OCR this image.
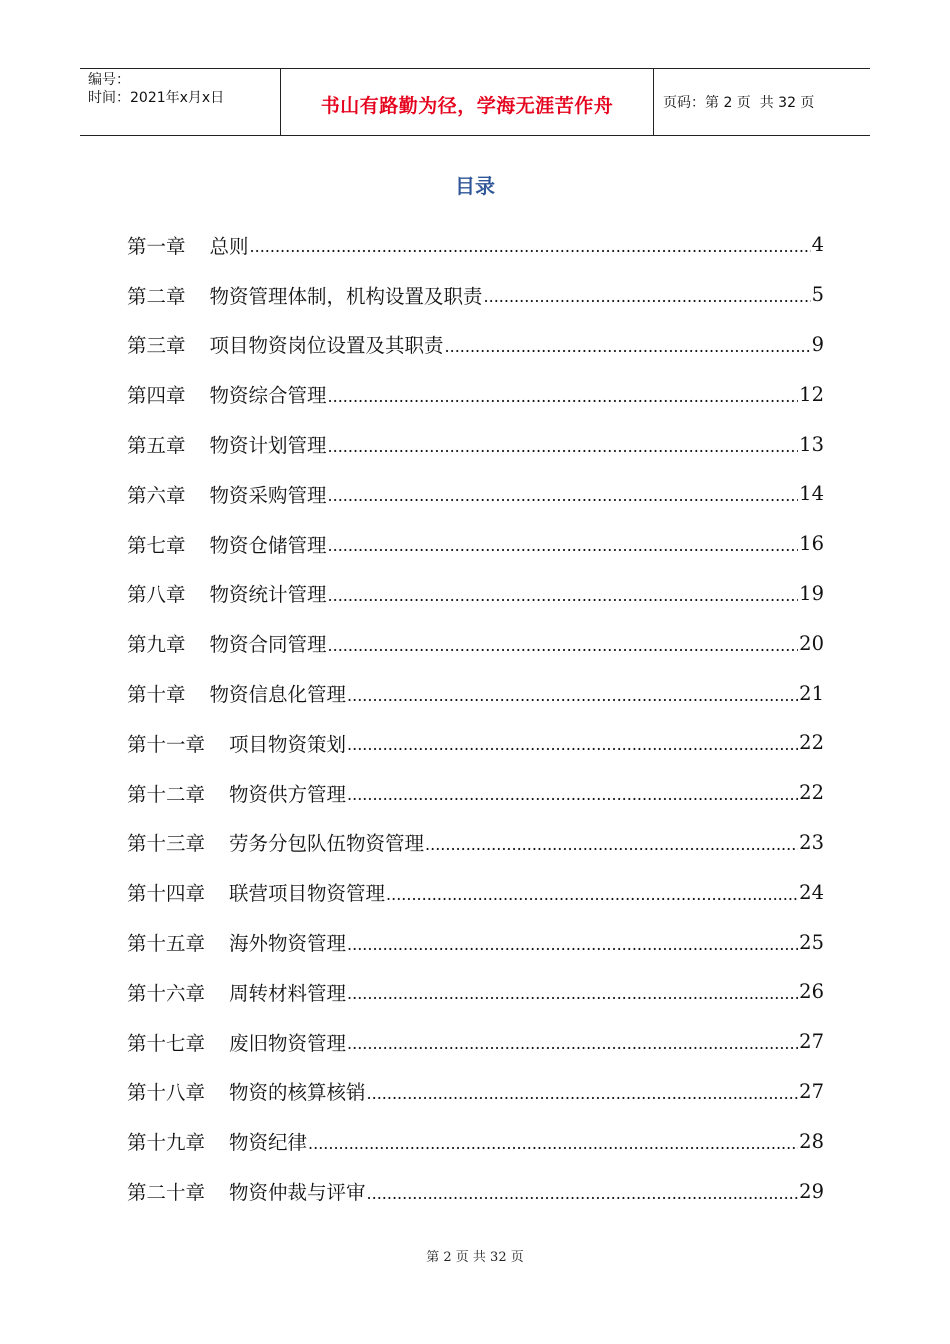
编号：
时间：2021年x月x日	书山有路勤为径，学海无涯苦作舟	页码：第 2 页  共 32 页
目录
第一章	总则 .....	4
第二章	物资管理体制，机构设置及职责 .....	5
第三章	项目物资岗位设置及其职责 .....	9
第四章	物资综合管理 .....	12
第五章	物资计划管理 .....	13
第六章	物资采购管理 .....	14
第七章	物资仓储管理 .....	16
第八章	物资统计管理 .....	19
第九章	物资合同管理 .....	20
第十章	物资信息化管理 .....	21
第十一章	项目物资策划 .....	22
第十二章	物资供方管理 .....	22
第十三章	劳务分包队伍物资管理 .....	23
第十四章	联营项目物资管理 .....	24
第十五章	海外物资管理 .....	25
第十六章	周转材料管理 .....	26
第十七章	废旧物资管理 .....	27
第十八章	物资的核算核销 .....	27
第十九章	物资纪律 .....	28
第二十章	物资仲裁与评审 .....	29
第 2 页 共 32 页
